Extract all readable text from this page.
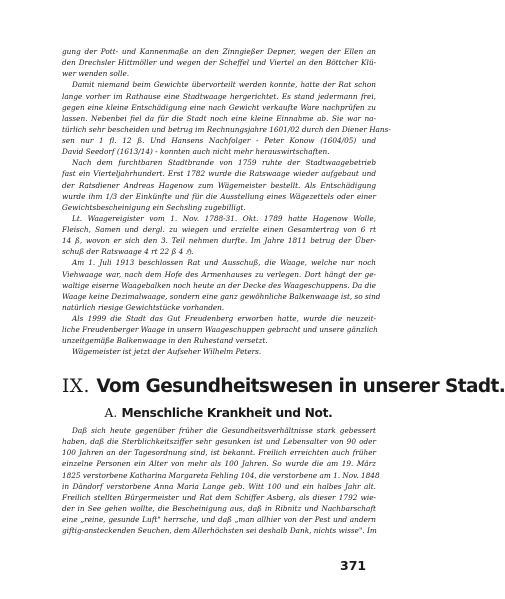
gung der Pott- und Kannenmaße an den Zinngießer Depner, wegen der Ellen an
den Drechsler Hittmöller und wegen der Scheffel und Viertel an den Böttcher Klü-
wer wenden solle.
Damit niemand beim Gewichte übervorteilt werden konnte, hatte der Rat schon
lange vorher im Rathause eine Stadtwaage hergerichtet. Es stand jedermann frei,
gegen eine kleine Entschädigung eine nach Gewicht verkaufte Ware nachprüfen zu
lassen. Nebenbei fiel da für die Stadt noch eine kleine Einnahme ab. Sie war na-
türlich sehr bescheiden und betrug im Rechnungsjahre 1601/02 durch den Diener Hans-
sen nur 1 fl. 12 ß. Und Hansens Nachfolger - Peter Konow (1604/05) und
David Seedorf (1613/14) - konnten auch nicht mehr herauswirtschaften.
Nach dem furchtbaren Stadtbrande von 1759 ruhte der Stadtwaagebetrieb
fast ein Vierteljahrhundert. Erst 1782 wurde die Ratswaage wieder aufgebaut und
der Ratsdiener Andreas Hagenow zum Wägemeister bestellt. Als Entschädigung
wurde ihm 1/3 der Einkünfte und für die Ausstellung eines Wägezettels oder einer
Gewichtsbescheinigung ein Sechsling zugebilligt.
Lt. Waagereigister vom 1. Nov. 1788-31. Okt. 1789 hatte Hagenow Wolle,
Fleisch, Samen und dergl. zu wiegen und erzielte einen Gesamtertrag von 6 rt
14 ß, wovon er sich den 3. Teil nehmen durfte. Im Jahre 1811 betrug der Über-
schuß der Ratswaage 4 rt 22 ß 4 ℌ.
Am 1. Juli 1913 beschlossen Rat und Ausschuß, die Waage, welche nur noch
Viehwaage war, nach dem Hofe des Armenhauses zu verlegen. Dort hängt der ge-
waltige eiserne Waagebalken noch heute an der Decke des Waageschuppens. Da die
Waage keine Dezimalwaage, sondern eine ganz gewöhnliche Balkenwaage ist, so sind
natürlich riesige Gewichtstücke vorhanden.
Als 1999 die Stadt das Gut Freudenberg erworben hatte, wurde die neuzeit-
liche Freudenberger Waage in unsern Waageschuppen gebracht und unsere gänzlich
unzeitgemäße Balkenwaage in den Ruhestand versetzt.
Wägemeister ist jetzt der Aufseher Wilhelm Peters.
IX. Vom Gesundheitswesen in unserer Stadt.
A. Menschliche Krankheit und Not.
Daß sich heute gegenüber früher die Gesundheitsverhältnisse stark gebessert
haben, daß die Sterblichkeitsziffer sehr gesunken ist und Lebensalter von 90 oder
100 Jahren an der Tagesordnung sind, ist bekannt. Freilich erreichten auch früher
einzelne Personen ein Alter von mehr als 100 Jahren. So wurde die am 19. März
1825 verstorbene Katharina Margareta Fehling 104, die verstorbene am 1. Nov. 1848
in Dändorf verstorbene Anna Maria Lange geb. Witt 100 und ein halbes Jahr alt.
Freilich stellten Bürgermeister und Rat dem Schiffer Asberg, als dieser 1792 wie-
der in See gehen wollte, die Bescheinigung aus, daß in Ribnitz und Nachbarschaft
eine „reine, gesunde Luft" herrsche, und daß „man allhier von der Pest und andern
giftig-ansteckenden Seuchen, dem Allerhöchsten sei deshalb Dank, nichts wisse". Im
371
